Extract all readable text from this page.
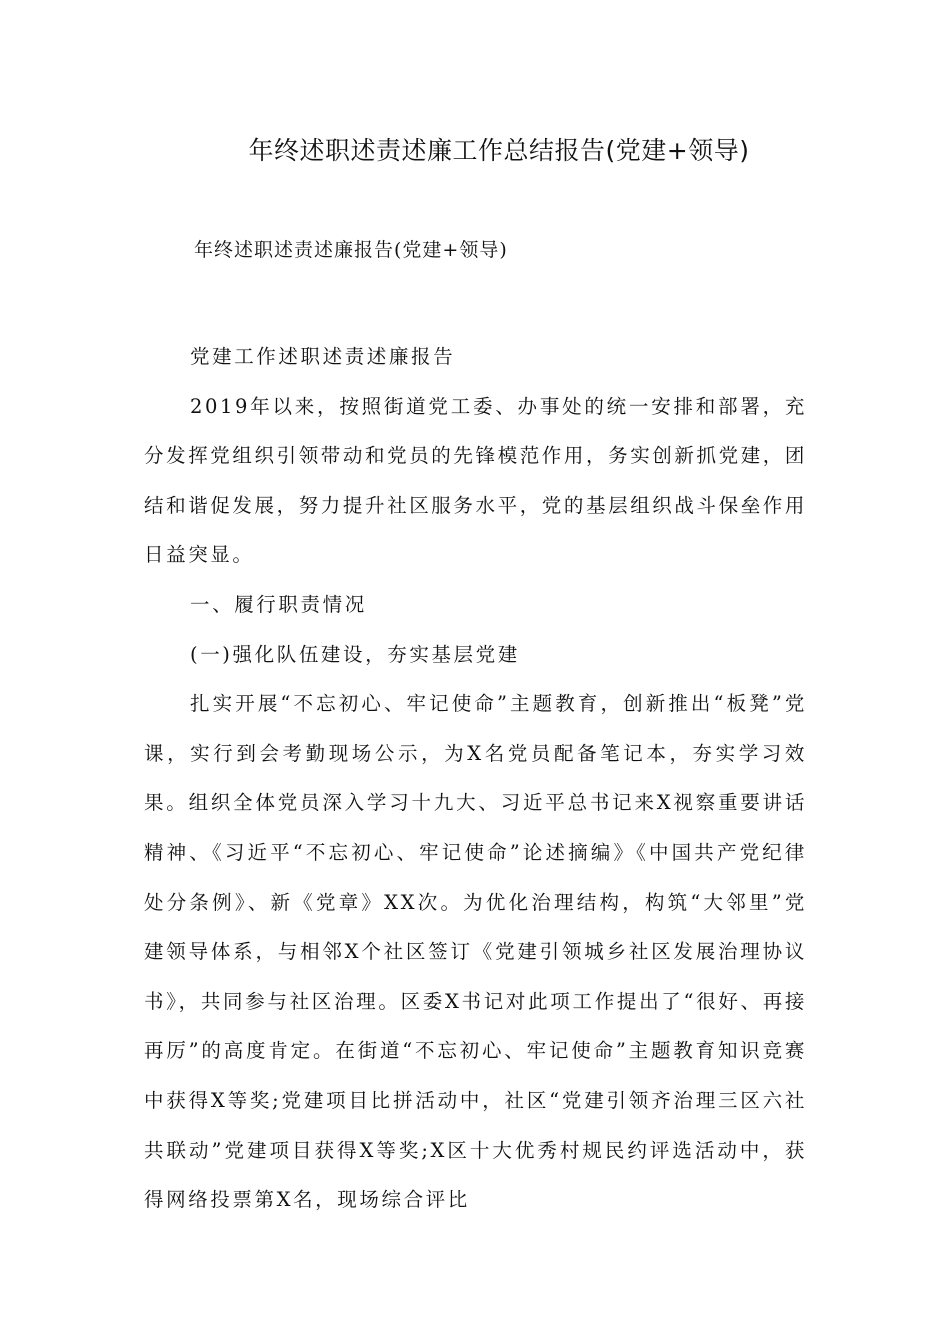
年终述职述责述廉工作总结报告(党建+领导)
年终述职述责述廉报告(党建+领导)

党建工作述职述责述廉报告

2019年以来，按照街道党工委、办事处的统一安排和部署，充分发挥党组织引领带动和党员的先锋模范作用，务实创新抓党建，团结和谐促发展，努力提升社区服务水平，党的基层组织战斗保垒作用日益突显。

一、履行职责情况

(一)强化队伍建设，夯实基层党建

扎实开展“不忘初心、牢记使命”主题教育，创新推出“板凳”党课，实行到会考勤现场公示，为X名党员配备笔记本，夯实学习效果。组织全体党员深入学习十九大、习近平总书记来X视察重要讲话精神、《习近平“不忘初心、牢记使命”论述摘编》《中国共产党纪律处分条例》、新《党章》XX次。为优化治理结构，构筑“大邻里”党建领导体系，与相邻X个社区签订《党建引领城乡社区发展治理协议书》，共同参与社区治理。区委X书记对此项工作提出了“很好、再接再厉”的高度肯定。在街道“不忘初心、牢记使命”主题教育知识竞赛中获得X等奖;党建项目比拼活动中，社区“党建引领齐治理三区六社共联动”党建项目获得X等奖;X区十大优秀村规民约评选活动中，获得网络投票第X名，现场综合评比
